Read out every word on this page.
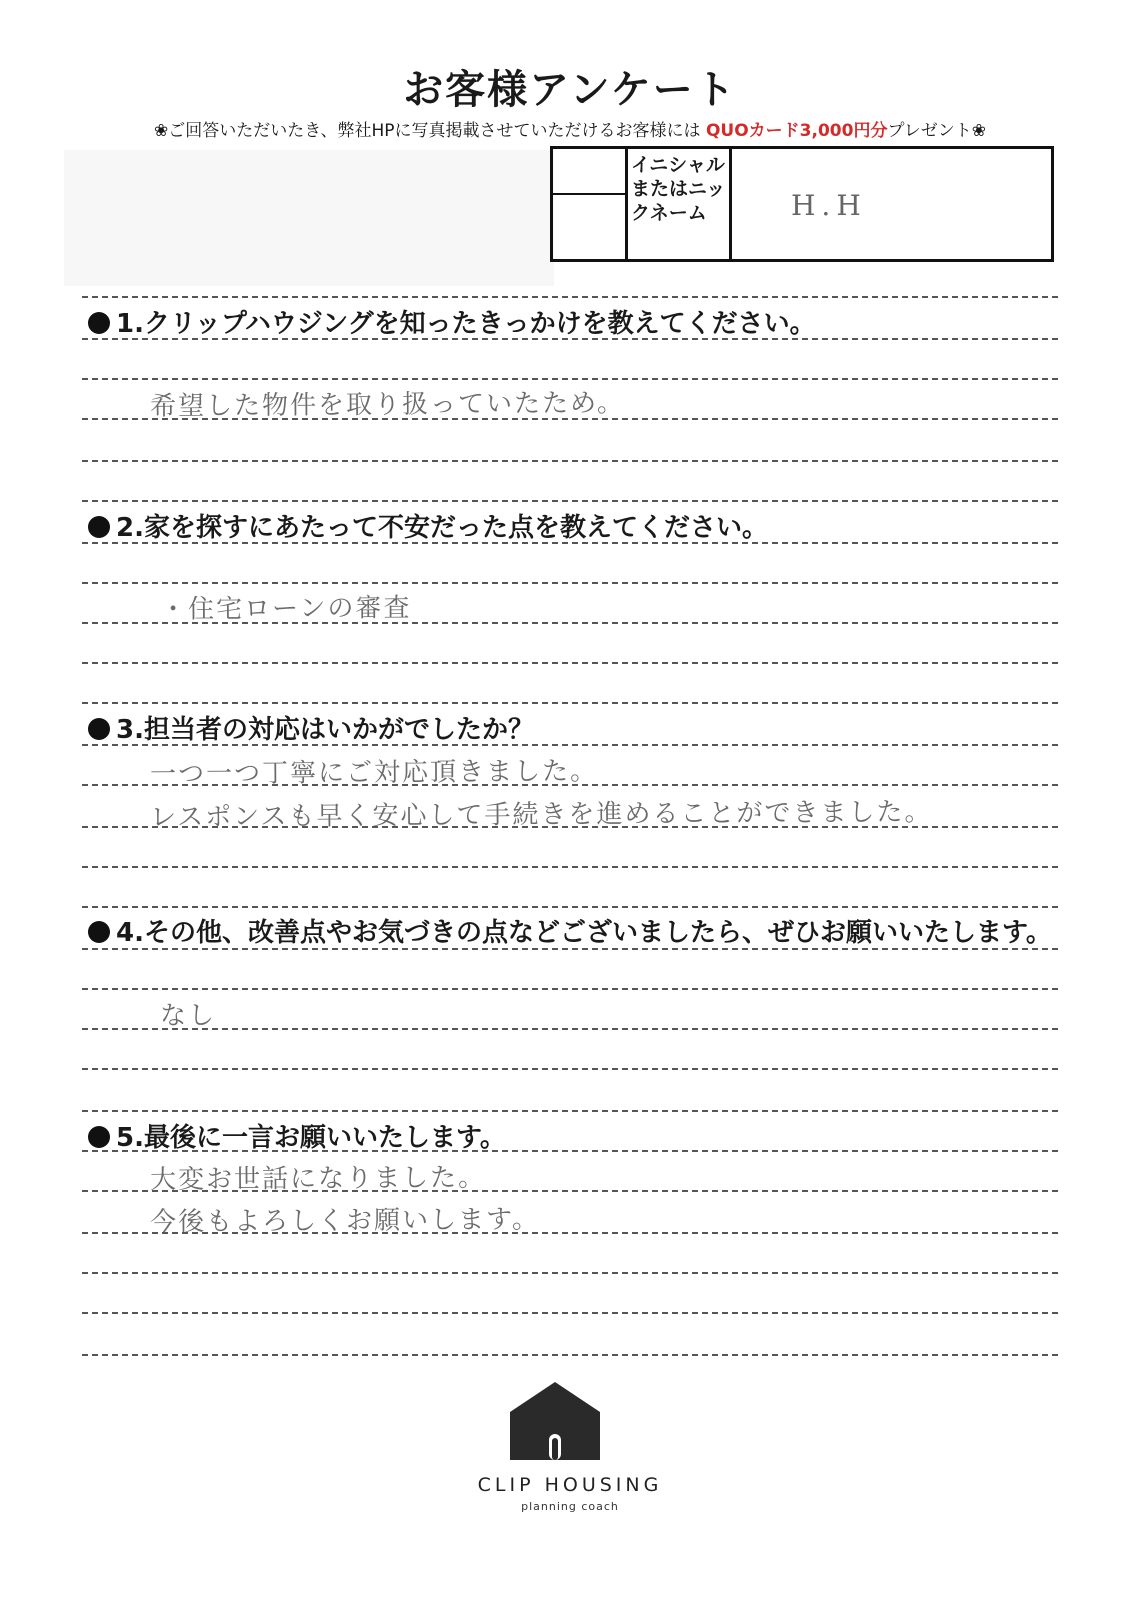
お客様アンケート
❀ご回答いただいたき、弊社HPに写真掲載させていただけるお客様には QUOカード3,000円分プレゼント❀
イニシャルまたはニックネーム	H.H
1.クリップハウジングを知ったきっかけを教えてください。
希望した物件を取り扱っていたため。
2.家を探すにあたって不安だった点を教えてください。
・住宅ローンの審査
3.担当者の対応はいかがでしたか？
一つ一つ丁寧にご対応頂きました。
レスポンスも早く安心して手続きを進めることができました。
4.その他、改善点やお気づきの点などございましたら、ぜひお願いいたします。
なし
5.最後に一言お願いいたします。
大変お世話になりました。
今後もよろしくお願いします。
CLIP HOUSING
planning coach
